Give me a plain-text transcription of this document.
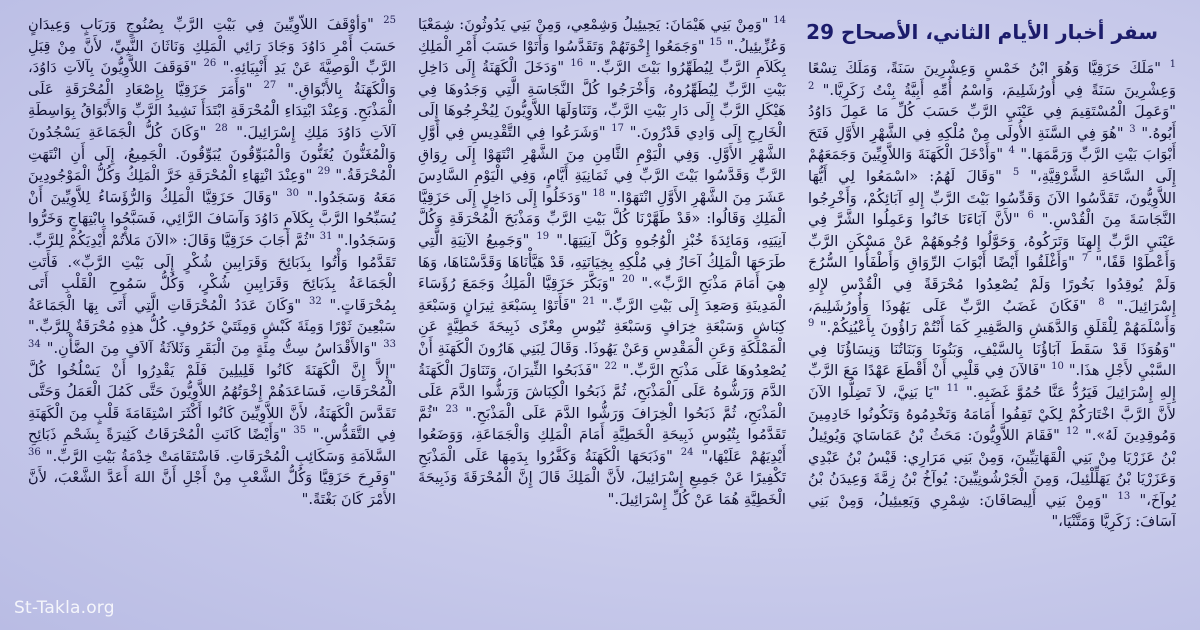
سفر أخبار الأيام الثاني، الأصحاح 29
$^1$ "مَلَكَ حَزَقِيَّا وَهُوَ ابْنُ خَمْسٍ وَعِشْرِينَ سَنَةً، وَمَلَكَ تِسْعًا وَعِشْرِينَ سَنَةً فِي أُورُشَلِيمَ، وَاسْمُ أُمِّهِ أَبِيَّةُ بِنْتُ زَكَرِيَّا." $^2$ "وَعَمِلَ الْمُسْتَقِيمَ فِي عَيْنَيِ الرَّبِّ حَسَبَ كُلِّ مَا عَمِلَ دَاوُدُ أَبُوهُ." $^3$ "هُوَ فِي السَّنَةِ الأُولَى مِنْ مُلْكِهِ فِي الشَّهْرِ الأَوَّلِ فَتَحَ أَبْوَابَ بَيْتِ الرَّبِّ وَرَمَّمَهَا." $^4$ "وَأَدْخَلَ الْكَهَنَةَ وَاللاَّوِيِّينَ وَجَمَعَهُمْ إِلَى السَّاحَةِ الشَّرْقِيَّةِ،" $^5$ "وَقَالَ لَهُمُ: «اسْمَعُوا لِي أَيُّهَا اللاَّوِيُّونَ، تَقَدَّسُوا الآنَ وَقَدِّسُوا بَيْتَ الرَّبِّ إِلهِ آبَائِكُمْ، وَأَخْرِجُوا النَّجَاسَةَ مِنَ الْقُدْسِ." $^6$ "لأَنَّ آبَاءَنَا خَانُوا وَعَمِلُوا الشَّرَّ فِي عَيْنَيِ الرَّبِّ إِلهِنَا وَتَرَكُوهُ، وَحَوَّلُوا وُجُوهَهُمْ عَنْ مَسْكَنِ الرَّبِّ وَأَعْطَوْا قَفًا،" $^7$ "وَأَغْلَقُوا أَيْضًا أَبْوَابَ الرِّوَاقِ وَأَطْفَأُوا السُّرُجَ وَلَمْ يُوقِدُوا بَخُورًا وَلَمْ يُصْعِدُوا مُحْرَقَةً فِي الْقُدْسِ لإِلهِ إِسْرَائِيلَ." $^8$ "فَكَانَ غَضَبُ الرَّبِّ عَلَى يَهُوذَا وَأُورُشَلِيمَ، وَأَسْلَمَهُمْ لِلْقَلَقِ وَالدَّهَشِ وَالصَّفِيرِ كَمَا أَنْتُمْ رَاؤُونَ بِأَعْيُنِكُمْ." $^9$ "وَهُوَذَا قَدْ سَقَطَ آبَاؤُنَا بِالسَّيْفِ، وَبَنُونَا وَبَنَاتُنَا وَنِسَاؤُنَا فِي السَّبْيِ لأَجْلِ هذَا." $^{10}$ "فَالآنَ فِي قَلْبِي أَنْ أَقْطَعَ عَهْدًا مَعَ الرَّبِّ إِلهِ إِسْرَائِيلَ فَيَرُدُّ عَنَّا حُمُوَّ غَضَبِهِ." $^{11}$ "يَا بَنِيَّ، لاَ تَضِلُّوا الآنَ لأَنَّ الرَّبَّ اخْتَارَكُمْ لِكَيْ تَقِفُوا أَمَامَهُ وَتَخْدِمُوهُ وَتَكُونُوا خَادِمِينَ وَمُوقِدِينَ لَهُ»." $^{12}$ "فَقَامَ اللاَّوِيُّونَ: مَحَثُ بْنُ عَمَاسَايَ وَيُوئِيلُ بْنُ عَزَرْيَا مِنْ بَنِي الْقَهَاتِيِّينَ، وَمِنْ بَنِي مَرَارِي: قَيْسُ بْنُ عَبْدِي وَعَزَرْيَا بْنُ يَهَلِّلْئِيلَ، وَمِنَ الْجَرْشُونِيِّينَ: يُوآخُ بْنُ زِمَّةَ وَعِيدَنُ بْنُ يُوآخَ،" $^{13}$ "وَمِنْ بَنِي أَلِيصَافَانَ: شِمْرِي وَيَعِيئِيلُ، وَمِنْ بَنِي آسَافَ: زَكَرِيَّا وَمَتَّنْيَا،"
$^{14}$ "وَمِنْ بَنِي هَيْمَانَ: يَحِيئِيلُ وَشِمْعِي، وَمِنْ بَنِي يَدُوثُونَ: شِمَعْيَا وَعُزِّيئِيلُ." $^{15}$ "وَجَمَعُوا إِخْوَتَهُمْ وَتَقَدَّسُوا وَأَتَوْا حَسَبَ أَمْرِ الْمَلِكِ بِكَلاَمِ الرَّبِّ لِيُطَهِّرُوا بَيْتَ الرَّبِّ." $^{16}$ "وَدَخَلَ الْكَهَنَةُ إِلَى دَاخِلِ بَيْتِ الرَّبِّ لِيُطَهِّرُوهُ، وَأَخْرَجُوا كُلَّ النَّجَاسَةِ الَّتِي وَجَدُوهَا فِي هَيْكَلِ الرَّبِّ إِلَى دَارِ بَيْتِ الرَّبِّ، وَتَنَاوَلَهَا اللاَّوِيُّونَ لِيُخْرِجُوهَا إِلَى الْخَارِجِ إِلَى وَادِي قَدْرُونَ." $^{17}$ "وَشَرَعُوا فِي التَّقْدِيسِ فِي أَوَّلِ الشَّهْرِ الأَوَّلِ. وَفِي الْيَوْمِ الثَّامِنِ مِنَ الشَّهْرِ انْتَهَوْا إِلَى رِوَاقِ الرَّبِّ وَقَدَّسُوا بَيْتَ الرَّبِّ فِي ثَمَانِيَةِ أَيَّامٍ، وَفِي الْيَوْمِ السَّادِسَ عَشَرَ مِنَ الشَّهْرِ الأَوَّلِ انْتَهَوْا." $^{18}$ "وَدَخَلُوا إِلَى دَاخِلٍ إِلَى حَزَقِيَّا الْمَلِكِ وَقَالُوا: «قَدْ طَهَّرْنَا كُلَّ بَيْتِ الرَّبِّ وَمَذْبَحَ الْمُحْرَقَةِ وَكُلَّ آنِيَتِهِ، وَمَائِدَةَ خُبْزِ الْوُجُوهِ وَكُلَّ آنِيَتِهَا." $^{19}$ "وَجَمِيعُ الآنِيَةِ الَّتِي طَرَحَهَا الْمَلِكُ آحَازُ فِي مُلْكِهِ بِخِيَانَتِهِ، قَدْ هَيَّأْنَاهَا وَقَدَّسْنَاهَا، وَهَا هِيَ أَمَامَ مَذْبَحِ الرَّبِّ»." $^{20}$ "وَبَكَّرَ حَزَقِيَّا الْمَلِكُ وَجَمَعَ رُؤَسَاءَ الْمَدِينَةِ وَصَعِدَ إِلَى بَيْتِ الرَّبِّ." $^{21}$ "فَأَتَوْا بِسَبْعَةِ ثِيرَانٍ وَسَبْعَةِ كِبَاشٍ وَسَبْعَةِ خِرَافٍ وَسَبْعَةِ تُيُوسِ مِعْزًى ذَبِيحَةَ خَطِيَّةٍ عَنِ الْمَمْلَكَةِ وَعَنِ الْمَقْدِسِ وَعَنْ يَهُوذَا. وَقَالَ لِبَنِي هَارُونَ الْكَهَنَةِ أَنْ يُصْعِدُوهَا عَلَى مَذْبَحِ الرَّبِّ." $^{22}$ "فَذَبَحُوا الثِّيرَانَ، وَتَنَاوَلَ الْكَهَنَةُ الدَّمَ وَرَشُّوهُ عَلَى الْمَذْبَحِ، ثُمَّ ذَبَحُوا الْكِبَاشَ وَرَشُّوا الدَّمَ عَلَى الْمَذْبَحِ، ثُمَّ ذَبَحُوا الْخِرَافَ وَرَشُّوا الدَّمَ عَلَى الْمَذْبَحِ." $^{23}$ "ثُمَّ تَقَدَّمُوا بِتُيُوسِ ذَبِيحَةِ الْخَطِيَّةِ أَمَامَ الْمَلِكِ وَالْجَمَاعَةِ، وَوَضَعُوا أَيْدِيَهُمْ عَلَيْهَا،" $^{24}$ "وَذَبَحَهَا الْكَهَنَةُ وَكَفَّرُوا بِدَمِهَا عَلَى الْمَذْبَحِ تَكْفِيرًا عَنْ جَمِيعِ إِسْرَائِيلَ، لأَنَّ الْمَلِكَ قَالَ إِنَّ الْمُحْرَقَةَ وَذَبِيحَةَ الْخَطِيَّةِ هُمَا عَنْ كُلِّ إِسْرَائِيلَ."
$^{25}$ "وَأَوْقَفَ اللاَّوِيِّينَ فِي بَيْتِ الرَّبِّ بِصُنُوجٍ وَرَبَابٍ وَعِيدَانٍ حَسَبَ أَمْرِ دَاوُدَ وَجَادَ رَائِي الْمَلِكِ وَنَاثَانَ النَّبِيِّ، لأَنَّ مِنْ قِبَلِ الرَّبِّ الْوَصِيَّةَ عَنْ يَدِ أَنْبِيَائِهِ." $^{26}$ "فَوَقَفَ اللاَّوِيُّونَ بِآلاَتِ دَاوُدَ، وَالْكَهَنَةُ بِالأَبْوَاقِ." $^{27}$ "وَأَمَرَ حَزَقِيَّا بِإِصْعَادِ الْمُحْرَقَةِ عَلَى الْمَذْبَحِ. وَعِنْدَ ابْتِدَاءِ الْمُحْرَقَةِ ابْتَدَأَ نَشِيدُ الرَّبِّ وَالأَبْوَاقُ بِوَاسِطَةِ آلاَتِ دَاوُدَ مَلِكِ إِسْرَائِيلَ." $^{28}$ "وَكَانَ كُلُّ الْجَمَاعَةِ يَسْجُدُونَ وَالْمُغَنُّونَ يُغَنُّونَ وَالْمُبَوِّقُونَ يُبَوِّقُونَ. الْجَمِيعُ، إِلَى أَنِ انْتَهَتِ الْمُحْرَقَةُ." $^{29}$ "وَعِنْدَ انْتِهَاءِ الْمُحْرَقَةِ خَرَّ الْمَلِكُ وَكُلُّ الْمَوْجُودِينَ مَعَهُ وَسَجَدُوا." $^{30}$ "وَقَالَ حَزَقِيَّا الْمَلِكُ وَالرُّؤَسَاءُ لِلاَّوِيِّينَ أَنْ يُسَبِّحُوا الرَّبَّ بِكَلاَمِ دَاوُدَ وَآسَافَ الرَّائِي، فَسَبَّحُوا بِابْتِهَاجٍ وَخَرُّوا وَسَجَدُوا." $^{31}$ "ثُمَّ أَجَابَ حَزَقِيَّا وَقَالَ: «الآنَ مَلأْتُمْ أَيْدِيَكُمْ لِلرَّبِّ. تَقَدَّمُوا وَأْتُوا بِذَبَائِحَ وَقَرَابِينِ شُكْرٍ إِلَى بَيْتِ الرَّبِّ». فَأَتَتِ الْجَمَاعَةُ بِذَبَائِحَ وَقَرَابِينِ شُكْرٍ، وَكُلُّ سَمُوحِ الْقَلْبِ أَتَى بِمُحْرَقَاتٍ." $^{32}$ "وَكَانَ عَدَدُ الْمُحْرَقَاتِ الَّتِي أَتَى بِهَا الْجَمَاعَةُ سَبْعِينَ ثَوْرًا وَمِئَةَ كَبْشٍ وَمِئَتَيْ خَرُوفٍ. كُلُّ هذِهِ مُحْرَقَةٌ لِلرَّبِّ." $^{33}$ "وَالأَقْدَاسُ سِتُّ مِئَةٍ مِنَ الْبَقَرِ وَثَلاَثَةُ آلاَفٍ مِنَ الضَّأْنِ." $^{34}$ "إِلاَّ إِنَّ الْكَهَنَةَ كَانُوا قَلِيلِينَ فَلَمْ يَقْدِرُوا أَنْ يَسْلُخُوا كُلَّ الْمُحْرَقَاتِ، فَسَاعَدَهُمْ إِخْوَتُهُمُ اللاَّوِيُّونَ حَتَّى كَمُلَ الْعَمَلُ وَحَتَّى تَقَدَّسَ الْكَهَنَةُ، لأَنَّ اللاَّوِيِّينَ كَانُوا أَكْثَرَ اسْتِقَامَةَ قَلْبٍ مِنَ الْكَهَنَةِ فِي التَّقَدُّسِ." $^{35}$ "وَأَيْضًا كَانَتِ الْمُحْرَقَاتُ كَثِيرَةً بِشَحْمِ ذَبَائِحِ السَّلاَمَةِ وَسَكَائِبِ الْمُحْرَقَاتِ. فَاسْتَقَامَتْ خِدْمَةُ بَيْتِ الرَّبِّ." $^{36}$ "وَفَرِحَ حَزَقِيَّا وَكُلُّ الشَّعْبِ مِنْ أَجْلِ أَنَّ اللهَ أَعَدَّ الشَّعْبَ، لأَنَّ الأَمْرَ كَانَ بَغْتَةً."
St-Takla.org
